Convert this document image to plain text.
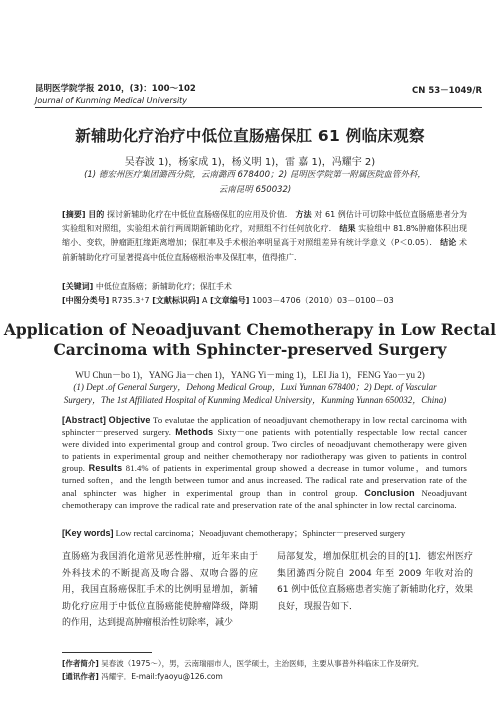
昆明医学院学报 2010，(3)：100～102
Journal of Kunming Medical University
CN 53－1049/R
新辅助化疗治疗中低位直肠癌保肛 61 例临床观察
吴春波 1)，杨家成 1)，杨义明 1)，雷 嘉 1)，冯耀宇 2)
(1) 德宏州医疗集团潞西分院，云南潞西 678400；2) 昆明医学院第一附属医院血管外科，
云南昆明 650032)
[摘要] 目的 探讨新辅助化疗在中低位直肠癌保肛的应用及价值． 方法 对 61 例估计可切除中低位直肠癌患者分为实验组和对照组，实验组术前行两周期新辅助化疗，对照组不行任何放化疗． 结果 实验组中 81.8%肿瘤体积出现缩小、变软，肿瘤距肛缘距离增加；保肛率及手术根治率明显高于对照组差异有统计学意义（P＜0.05）． 结论 术前新辅助化疗可显著提高中低位直肠癌根治率及保肛率，值得推广．
[关键词] 中低位直肠癌；新辅助化疗；保肛手术
[中图分类号] R735.3⁺7 [文献标识码] A [文章编号] 1003－4706（2010）03－0100－03
Application of Neoadjuvant Chemotherapy in Low Rectal
Carcinoma with Sphincter-preserved Surgery
WU Chun－bo 1)，YANG Jia－chen 1)，YANG Yi－ming 1)，LEI Jia 1)，FENG Yao－yu 2)
(1) Dept .of General Surgery，Dehong Medical Group，Luxi Yunnan 678400；2) Dept. of Vascular
Surgery，The 1st Affiliated Hospital of Kunming Medical University，Kunming Yunnan 650032，China)
[Abstract] Objective To evalutae the application of neoadjuvant chemotherapy in low rectal carcinoma with sphincter－preserved surgery. Methods Sixty－one patients with potentially respectable low rectal cancer were divided into experimental group and control group. Two circles of neoadjuvant chemotherapy were given to patients in experimental group and neither chemotherapy nor radiotherapy was given to patients in control group. Results 81.4% of patients in experimental group showed a decrease in tumor volume，and tumors turned soften，and the length between tumor and anus increased. The radical rate and preservation rate of the anal sphincter was higher in experimental group than in control group. Conclusion Neoadjuvant chemotherapy can improve the radical rate and preservation rate of the anal sphincter in low rectal carcinoma.
[Key words] Low rectal carcinoma；Neoadjuvant chemotherapy；Sphincter－preserved surgery
直肠癌为我国消化道常见恶性肿瘤，近年来由于外科技术的不断提高及吻合器、双吻合器的应用，我国直肠癌保肛手术的比例明显增加，新辅助化疗应用于中低位直肠癌能使肿瘤降级，降期的作用，达到提高肿瘤根治性切除率，减少
局部复发，增加保肛机会的目的[1]．德宏州医疗集团潞西分院自 2004 年至 2009 年收对治的 61 例中低位直肠癌患者实施了新辅助化疗，效果良好，现报告如下．
[作者简介] 吴春波（1975～），男，云南瑞丽市人，医学硕士，主治医师，主要从事普外科临床工作及研究．
[通讯作者] 冯耀宇．E-mail:fyaoyu@126.com
